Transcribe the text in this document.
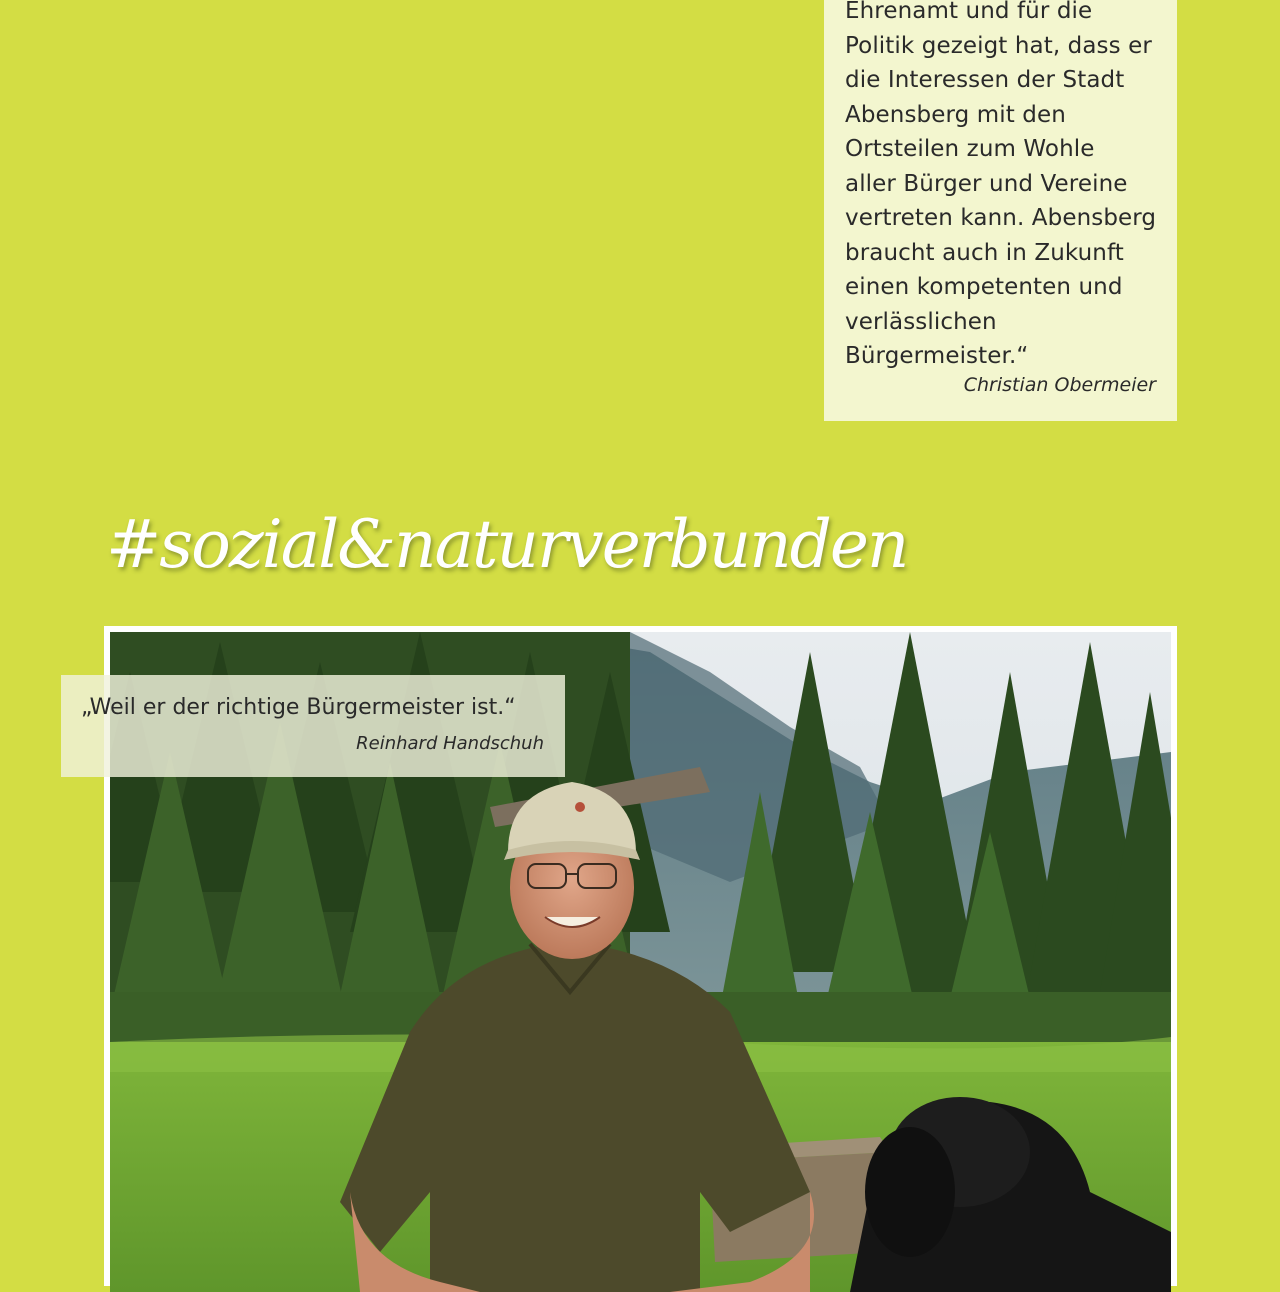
Ehrenamt und für die
Politik gezeigt hat, dass er
die Interessen der Stadt
Abensberg mit den
Ortsteilen zum Wohle
aller Bürger und Vereine
vertreten kann. Abensberg
braucht auch in Zukunft
einen kompetenten und
verlässlichen
Bürgermeister.“
Christian Obermeier
#sozial&naturverbunden
„Weil er der richtige Bürgermeister ist.“
Reinhard Handschuh
